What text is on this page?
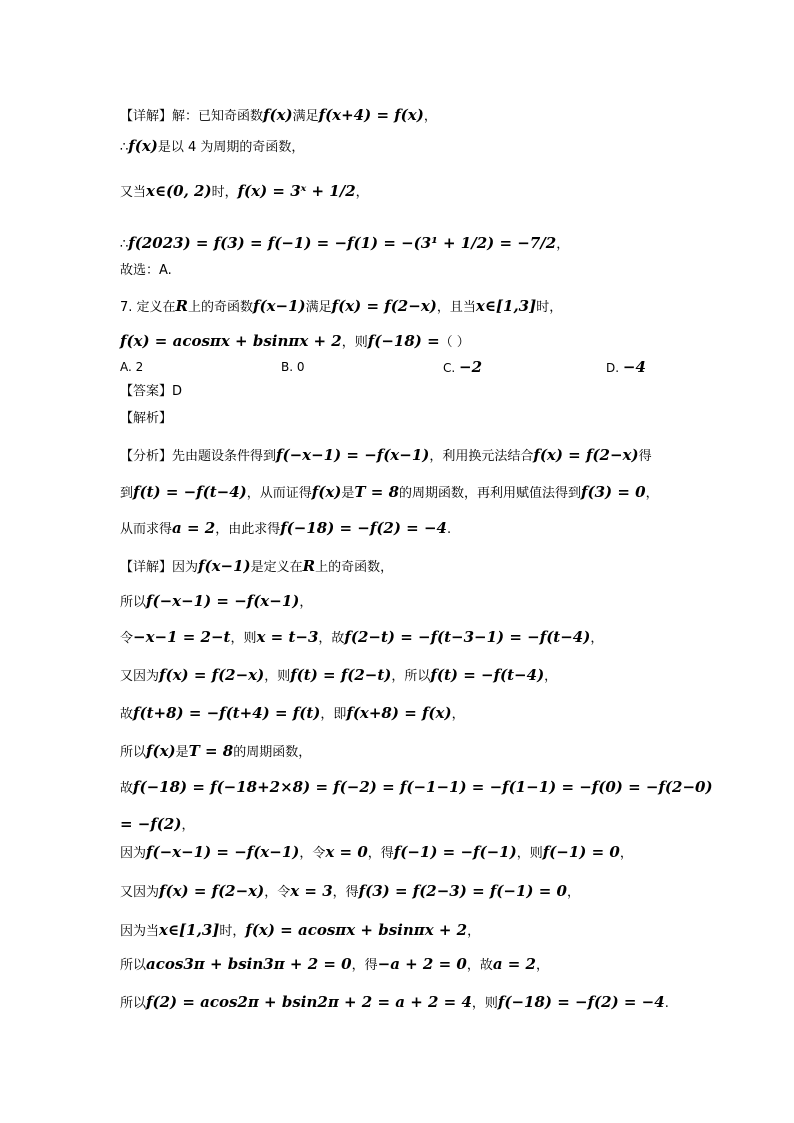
【详解】解：已知奇函数f(x)满足f(x+4) = f(x)，
∴f(x)是以 4 为周期的奇函数，
又当x∈(0, 2)时，f(x) = 3ˣ + 1/2，
∴f(2023) = f(3) = f(−1) = −f(1) = −(3¹ + 1/2) = −7/2，
故选：A.
7. 定义在R上的奇函数f(x−1)满足f(x) = f(2−x)，且当x∈[1,3]时，
f(x) = acosπx + bsinπx + 2，则f(−18) =（ ）
A. 2	B. 0	C. −2	D. −4
【答案】D
【解析】
【分析】先由题设条件得到f(−x−1) = −f(x−1)，利用换元法结合f(x) = f(2−x)得
到f(t) = −f(t−4)，从而证得f(x)是T = 8的周期函数，再利用赋值法得到f(3) = 0，
从而求得a = 2，由此求得f(−18) = −f(2) = −4.
【详解】因为f(x−1)是定义在R上的奇函数，
所以f(−x−1) = −f(x−1)，
令−x−1 = 2−t，则x = t−3，故f(2−t) = −f(t−3−1) = −f(t−4)，
又因为f(x) = f(2−x)，则f(t) = f(2−t)，所以f(t) = −f(t−4)，
故f(t+8) = −f(t+4) = f(t)，即f(x+8) = f(x)，
所以f(x)是T = 8的周期函数，
故f(−18) = f(−18+2×8) = f(−2) = f(−1−1) = −f(1−1) = −f(0) = −f(2−0)
= −f(2)，
因为f(−x−1) = −f(x−1)，令x = 0，得f(−1) = −f(−1)，则f(−1) = 0，
又因为f(x) = f(2−x)，令x = 3，得f(3) = f(2−3) = f(−1) = 0，
因为当x∈[1,3]时，f(x) = acosπx + bsinπx + 2，
所以acos3π + bsin3π + 2 = 0，得−a + 2 = 0，故a = 2，
所以f(2) = acos2π + bsin2π + 2 = a + 2 = 4，则f(−18) = −f(2) = −4.
